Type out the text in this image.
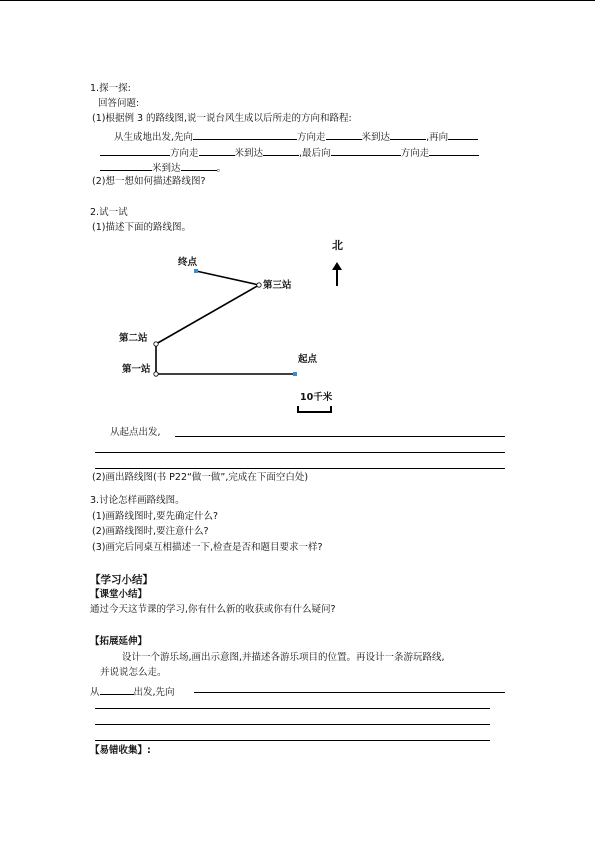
1.探一探:
回答问题:
(1)根据例 3 的路线图,说一说台风生成以后所走的方向和路程:
从生成地出发,先向	方向走	米到达	,再向
方向走	米到达	,最后向	方向走
米到达	。
(2)想一想如何描述路线图?
2.试一试
(1)描述下面的路线图。
终点
第三站
第二站
第一站
起点
北
10千米
从起点出发,
(2)画出路线图(书 P22“做一做”,完成在下面空白处)
3.讨论怎样画路线图。
(1)画路线图时,要先确定什么?
(2)画路线图时,要注意什么?
(3)画完后同桌互相描述一下,检查是否和题目要求一样?
【学习小结】
【课堂小结】
通过今天这节课的学习,你有什么新的收获或你有什么疑问?
【拓展延伸】
设计一个游乐场,画出示意图,并描述各游乐项目的位置。再设计一条游玩路线,
并说说怎么走。
从	出发,先向
【易错收集】:
